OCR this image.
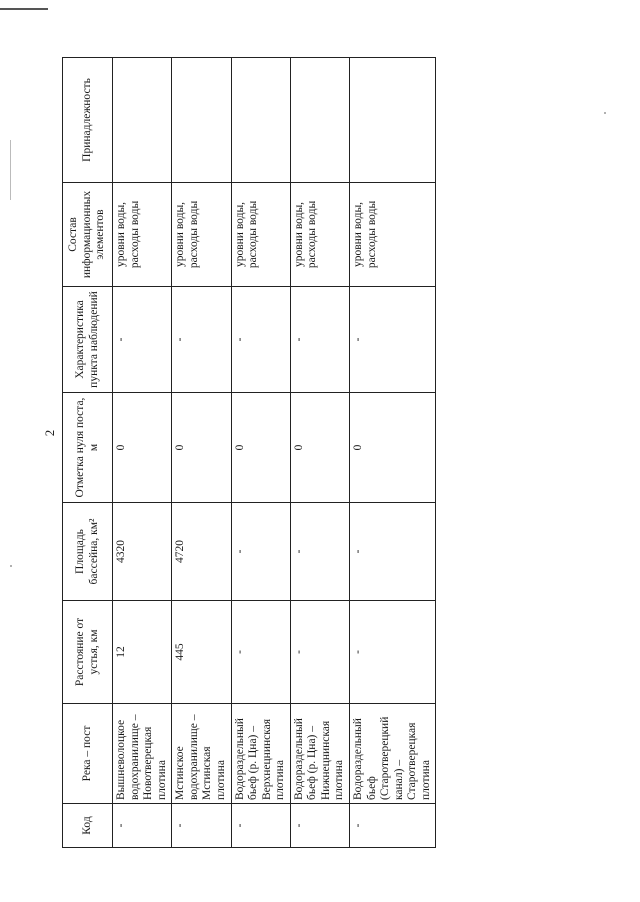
2
Код	Река – пост	Расстояние от устья, км	Площадь бассейна, км²	Отметка нуля поста, м	Характеристика пункта наблюдений	Состав информационных элементов	Принадлежность
-	Вышневолоцкое водохранилище – Новотверецкая плотина	12	4320	0	-	уровни воды, расходы воды	
-	Мстинское водохранилище – Мстинская плотина	445	4720	0	-	уровни воды, расходы воды	
-	Водораздельный бьеф (р. Цна) – Верхнецнинская плотина	-	-	0	-	уровни воды, расходы воды	
-	Водораздельный бьеф (р. Цна) – Нижнецнинская плотина	-	-	0	-	уровни воды, расходы воды	
-	Водораздельный бьеф (Старотверецкий канал) – Старотверецкая плотина	-	-	0	-	уровни воды, расходы воды	
